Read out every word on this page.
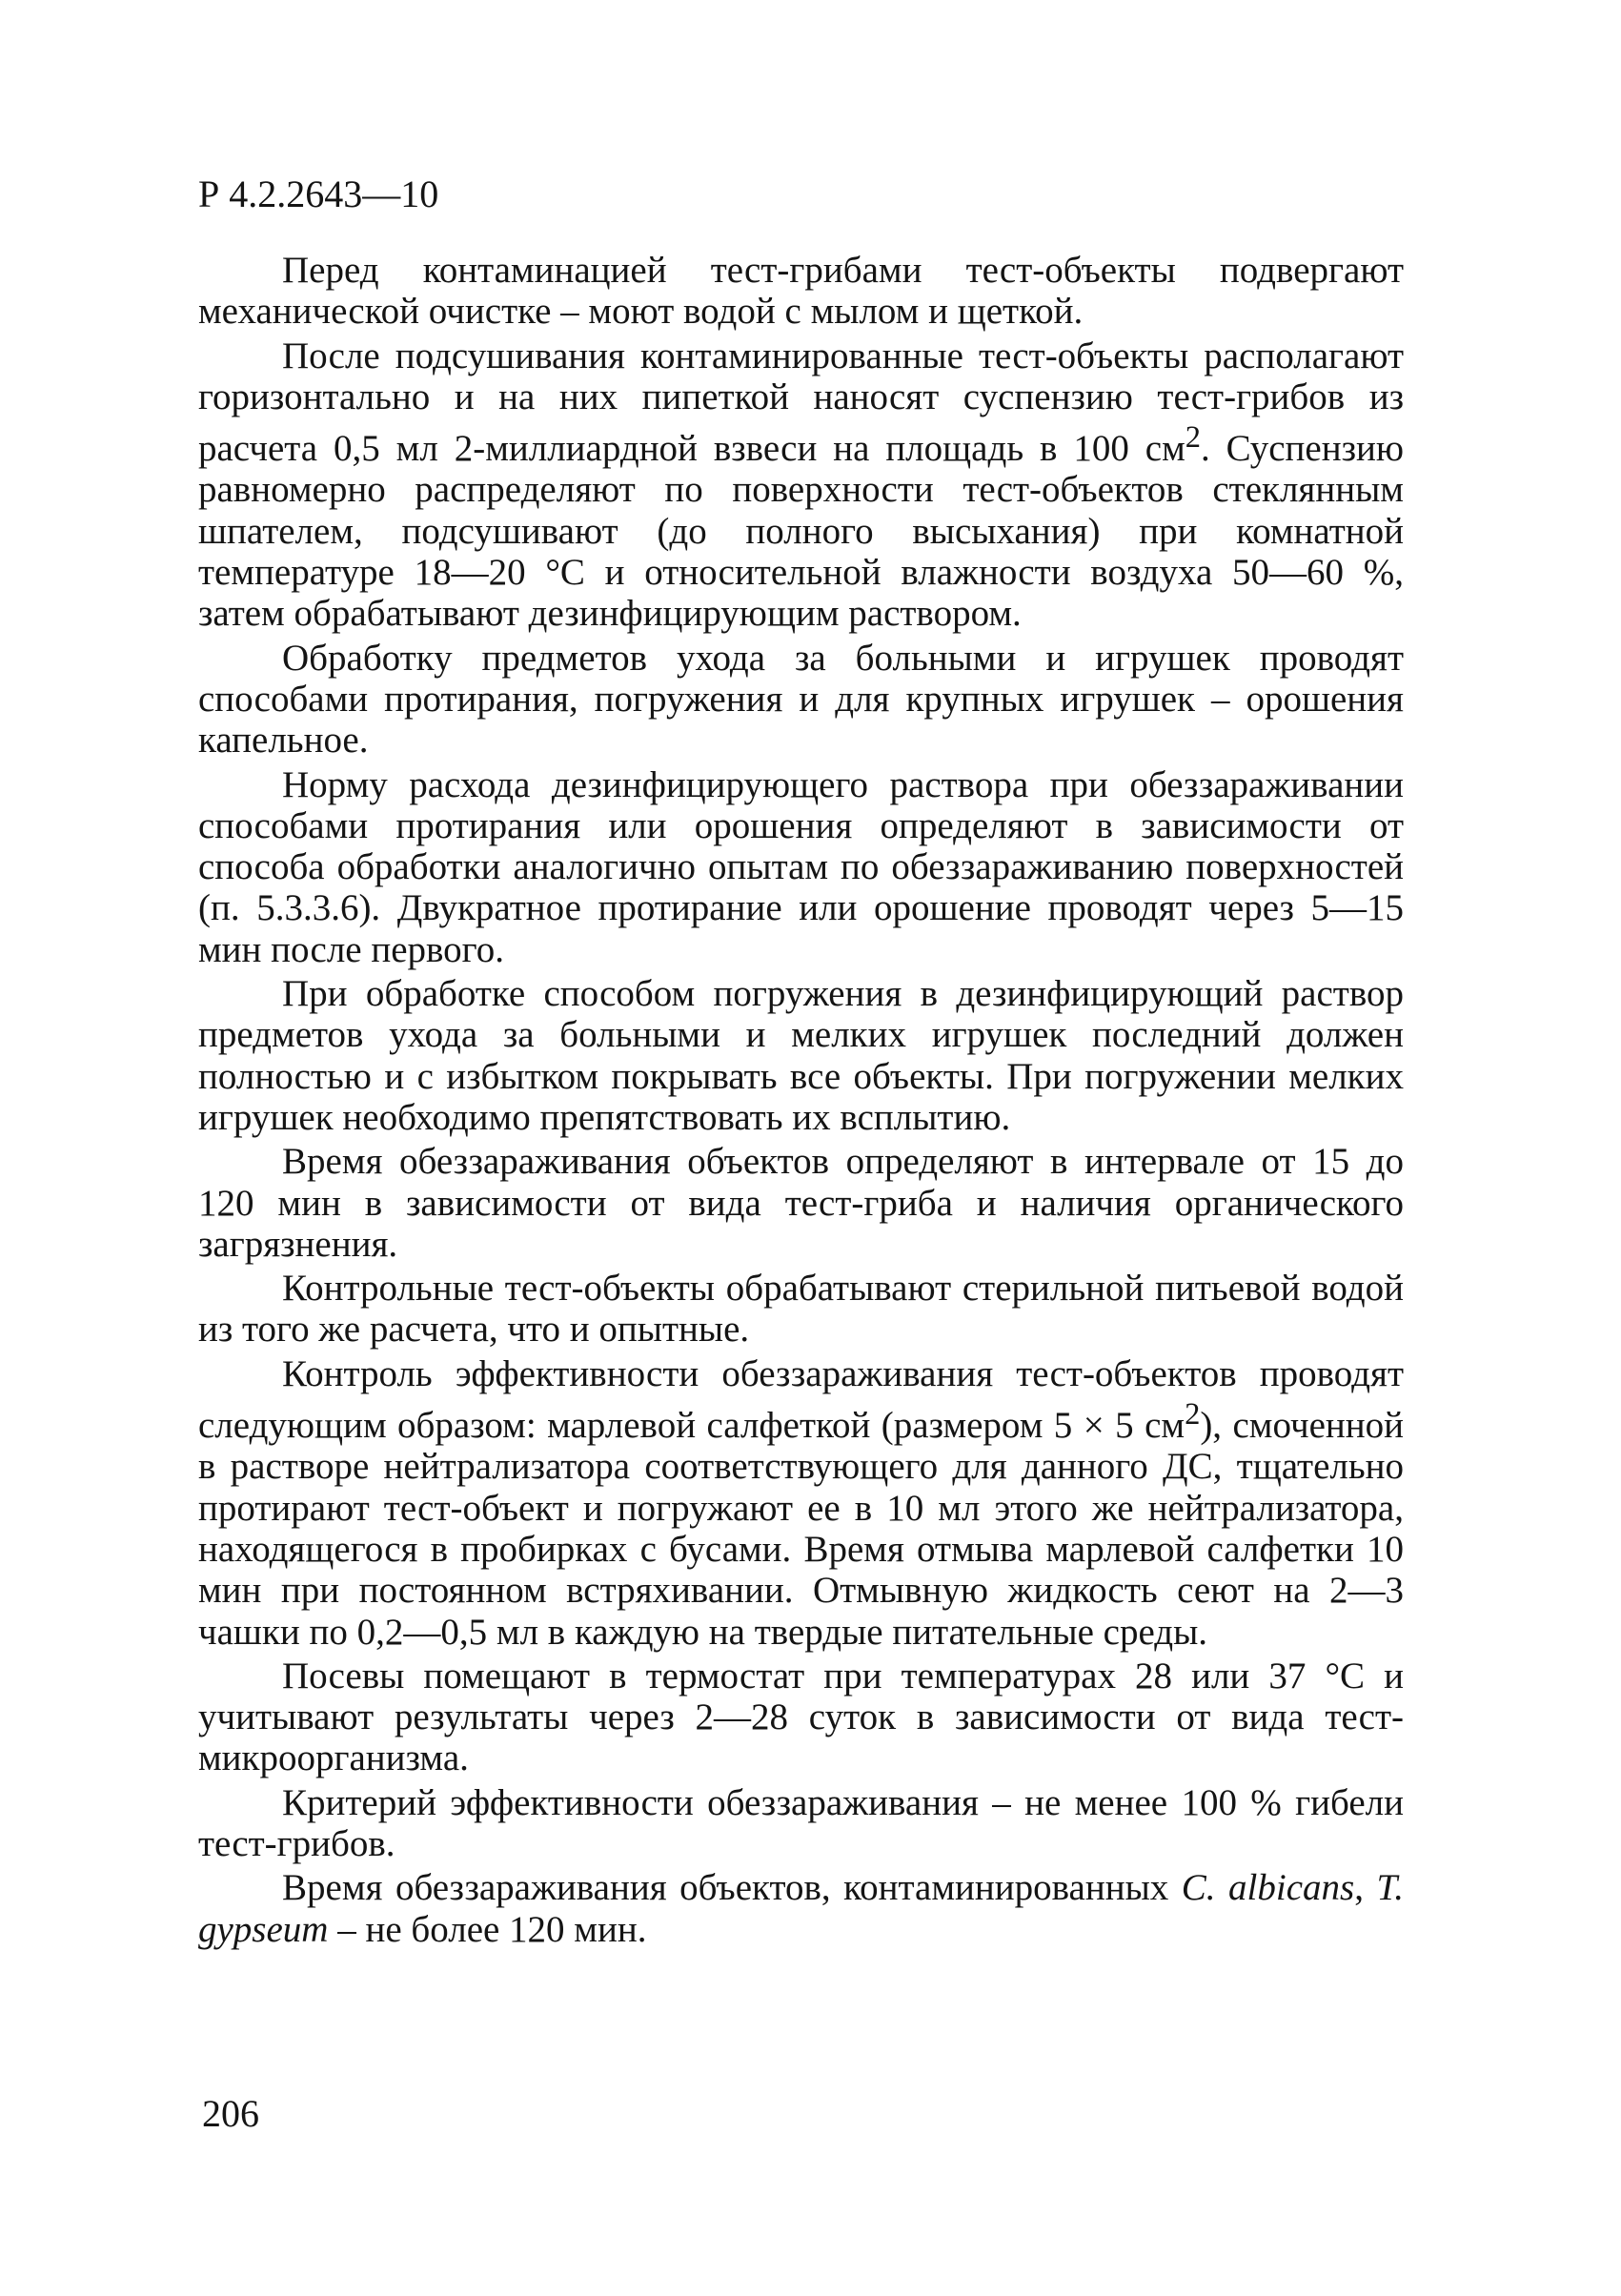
Р 4.2.2643—10

Перед контаминацией тест-грибами тест-объекты подвергают механической очистке – моют водой с мылом и щеткой.

После подсушивания контаминированные тест-объекты располагают горизонтально и на них пипеткой наносят суспензию тест-грибов из расчета 0,5 мл 2-миллиардной взвеси на площадь в 100 $см^2$. Суспензию равномерно распределяют по поверхности тест-объектов стеклянным шпателем, подсушивают (до полного высыхания) при комнатной температуре 18—20 °С и относительной влажности воздуха 50—60 %, затем обрабатывают дезинфицирующим раствором.

Обработку предметов ухода за больными и игрушек проводят способами протирания, погружения и для крупных игрушек – орошения капельное.

Норму расхода дезинфицирующего раствора при обеззараживании способами протирания или орошения определяют в зависимости от способа обработки аналогично опытам по обеззараживанию поверхностей (п. 5.3.3.6). Двукратное протирание или орошение проводят через 5—15 мин после первого.

При обработке способом погружения в дезинфицирующий раствор предметов ухода за больными и мелких игрушек последний должен полностью и с избытком покрывать все объекты. При погружении мелких игрушек необходимо препятствовать их всплытию.

Время обеззараживания объектов определяют в интервале от 15 до 120 мин в зависимости от вида тест-гриба и наличия органического загрязнения.

Контрольные тест-объекты обрабатывают стерильной питьевой водой из того же расчета, что и опытные.

Контроль эффективности обеззараживания тест-объектов проводят следующим образом: марлевой салфеткой (размером 5 × 5 $см^2$), смоченной в растворе нейтрализатора соответствующего для данного ДС, тщательно протирают тест-объект и погружают ее в 10 мл этого же нейтрализатора, находящегося в пробирках с бусами. Время отмыва марлевой салфетки 10 мин при постоянном встряхивании. Отмывную жидкость сеют на 2—3 чашки по 0,2—0,5 мл в каждую на твердые питательные среды.

Посевы помещают в термостат при температурах 28 или 37 °С и учитывают результаты через 2—28 суток в зависимости от вида тест-микроорганизма.

Критерий эффективности обеззараживания – не менее 100 % гибели тест-грибов.

Время обеззараживания объектов, контаминированных C. albicans, T. gypseum – не более 120 мин.

206
